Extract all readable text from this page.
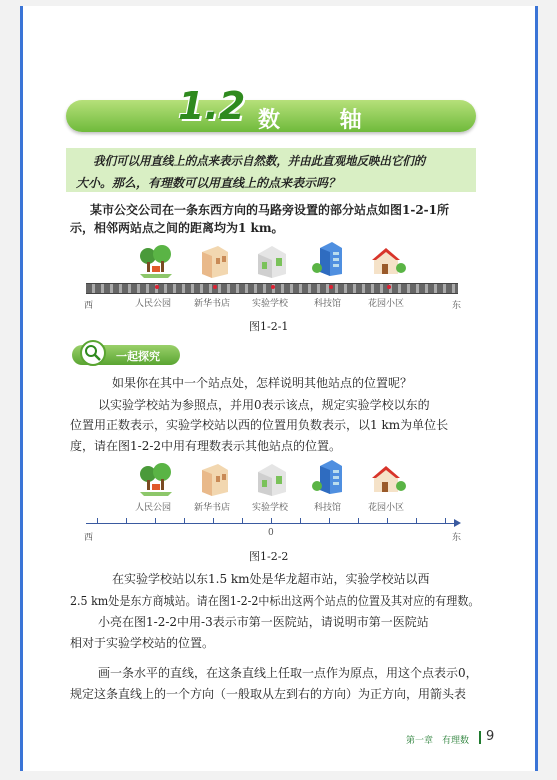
1.2 数 轴
我们可以用直线上的点来表示自然数，并由此直观地反映出它们的
大小。那么，有理数可以用直线上的点来表示吗？
某市公交公司在一条东西方向的马路旁设置的部分站点如图1-2-1所
示，相邻两站点之间的距离均为1 km。
西	人民公园	新华书店 实验学校	科技馆	花园小区	东
图1-2-1
一起探究
如果你在其中一个站点处，怎样说明其他站点的位置呢？
以实验学校站为参照点，并用0表示该点，规定实验学校以东的
位置用正数表示，实验学校站以西的位置用负数表示，以1 km为单位长
度，请在图1-2-2中用有理数表示其他站点的位置。
人民公园	新华书店 实验学校	科技馆	花园小区
0
西	东
图1-2-2
在实验学校站以东1.5 km处是华龙超市站，实验学校站以西
2.5 km处是东方商城站。请在图1-2-2中标出这两个站点的位置及其对应的有理数。
小亮在图1-2-2中用-3表示市第一医院站，请说明市第一医院站
相对于实验学校站的位置。
画一条水平的直线，在这条直线上任取一点作为原点，用这个点表示0，
规定这条直线上的一个方向（一般取从左到右的方向）为正方向，用箭头表
第一章　有理数 9
